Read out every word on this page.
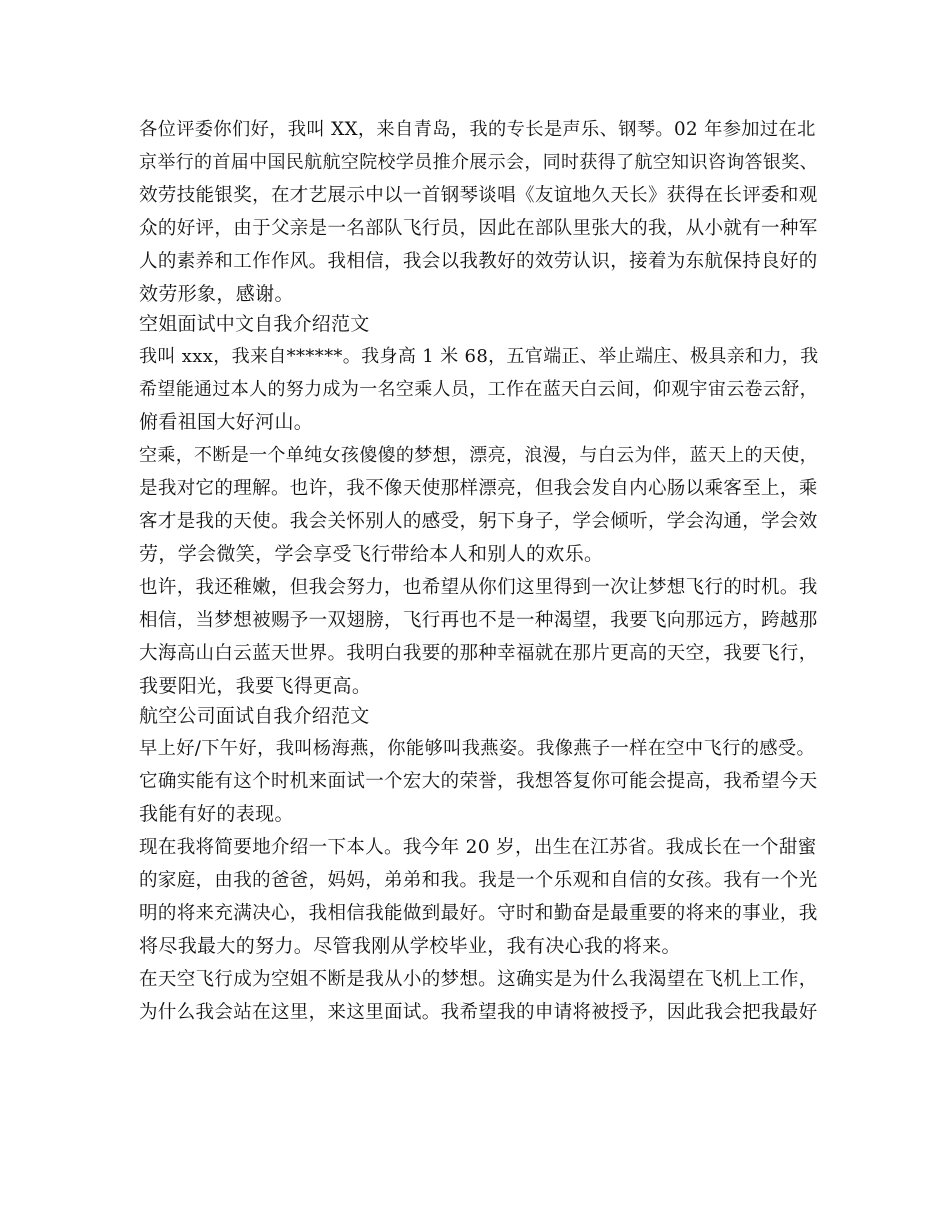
各位评委你们好，我叫 XX，来自青岛，我的专长是声乐、钢琴。02 年参加过在北
京举行的首届中国民航航空院校学员推介展示会，同时获得了航空知识咨询答银奖、
效劳技能银奖，在才艺展示中以一首钢琴谈唱《友谊地久天长》获得在长评委和观
众的好评，由于父亲是一名部队飞行员，因此在部队里张大的我，从小就有一种军
人的素养和工作作风。我相信，我会以我教好的效劳认识，接着为东航保持良好的
效劳形象，感谢。
空姐面试中文自我介绍范文
我叫 xxx，我来自******。我身高 1 米 68，五官端正、举止端庄、极具亲和力，我
希望能通过本人的努力成为一名空乘人员，工作在蓝天白云间，仰观宇宙云卷云舒，
俯看祖国大好河山。
空乘，不断是一个单纯女孩傻傻的梦想，漂亮，浪漫，与白云为伴，蓝天上的天使，
是我对它的理解。也许，我不像天使那样漂亮，但我会发自内心肠以乘客至上，乘
客才是我的天使。我会关怀别人的感受，躬下身子，学会倾听，学会沟通，学会效
劳，学会微笑，学会享受飞行带给本人和别人的欢乐。
也许，我还稚嫩，但我会努力，也希望从你们这里得到一次让梦想飞行的时机。我
相信，当梦想被赐予一双翅膀，飞行再也不是一种渴望，我要飞向那远方，跨越那
大海高山白云蓝天世界。我明白我要的那种幸福就在那片更高的天空，我要飞行，
我要阳光，我要飞得更高。
航空公司面试自我介绍范文
早上好/下午好，我叫杨海燕，你能够叫我燕姿。我像燕子一样在空中飞行的感受。
它确实能有这个时机来面试一个宏大的荣誉，我想答复你可能会提高，我希望今天
我能有好的表现。
现在我将简要地介绍一下本人。我今年 20 岁，出生在江苏省。我成长在一个甜蜜
的家庭，由我的爸爸，妈妈，弟弟和我。我是一个乐观和自信的女孩。我有一个光
明的将来充满决心，我相信我能做到最好。守时和勤奋是最重要的将来的事业，我
将尽我最大的努力。尽管我刚从学校毕业，我有决心我的将来。
在天空飞行成为空姐不断是我从小的梦想。这确实是为什么我渴望在飞机上工作，
为什么我会站在这里，来这里面试。我希望我的申请将被授予，因此我会把我最好
